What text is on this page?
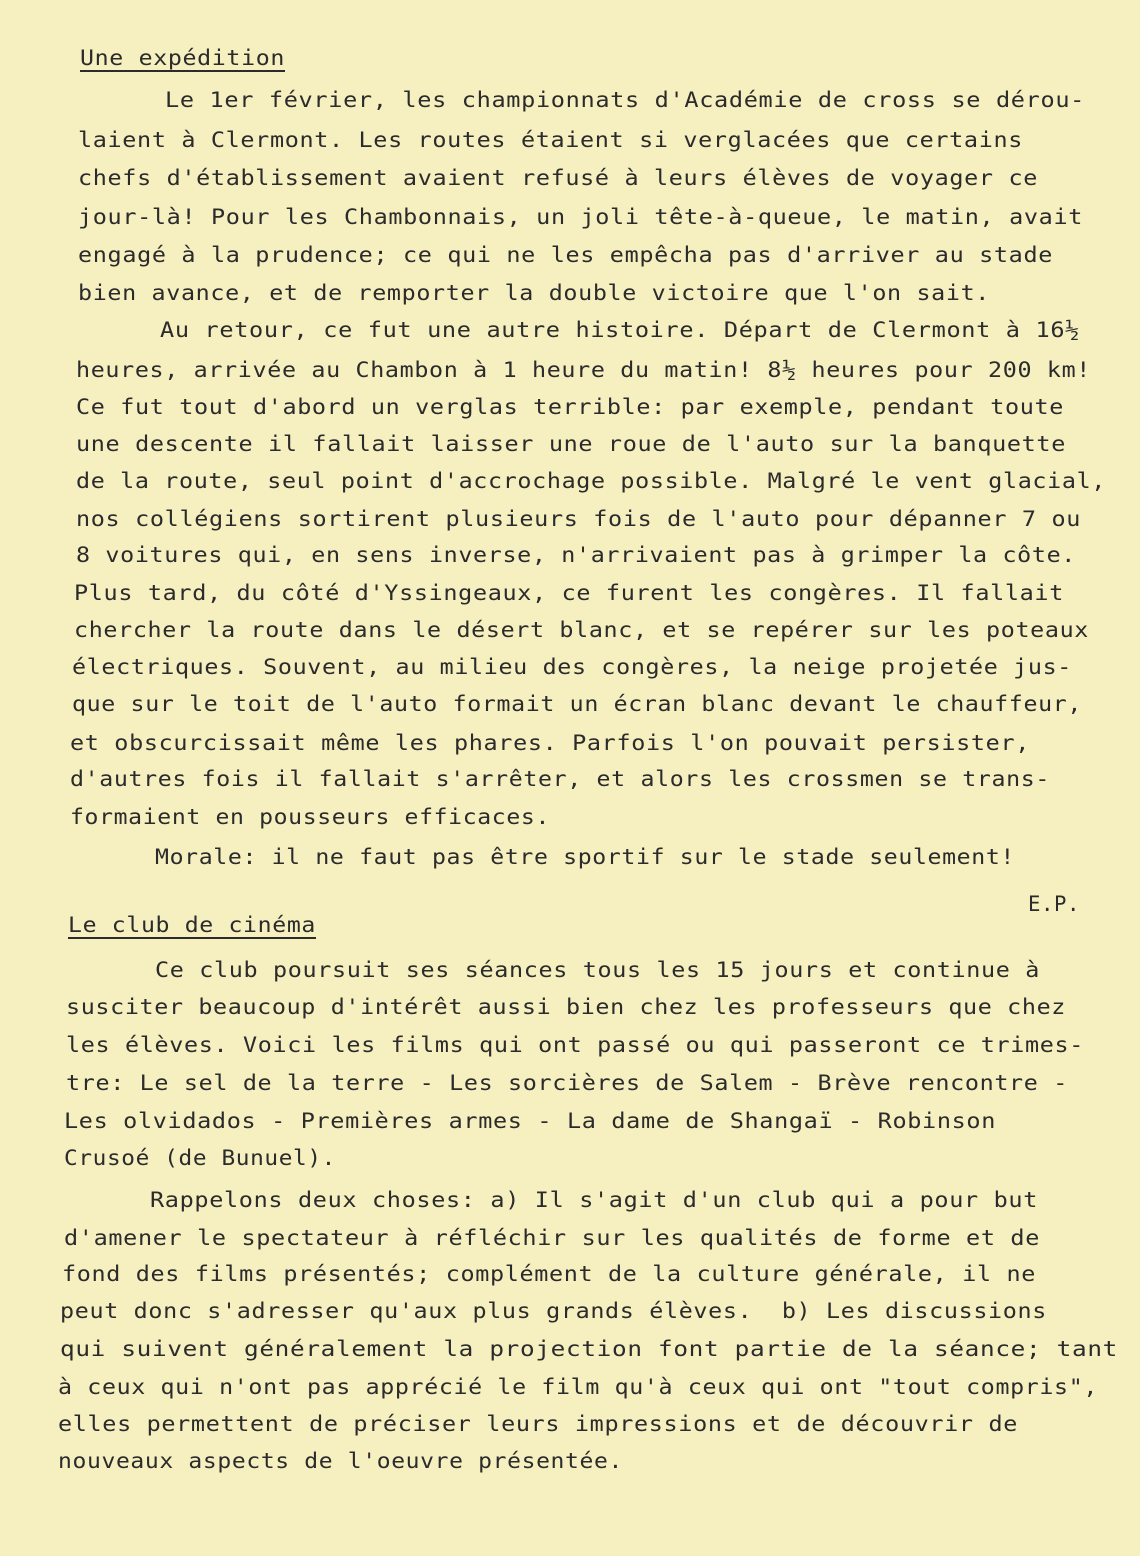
Une expédition
Le 1er février, les championnats d'Académie de cross se dérou-
laient à Clermont. Les routes étaient si verglacées que certains
chefs d'établissement avaient refusé à leurs élèves de voyager ce
jour-là! Pour les Chambonnais, un joli tête-à-queue, le matin, avait
engagé à la prudence; ce qui ne les empêcha pas d'arriver au stade
bien avance, et de remporter la double victoire que l'on sait.
Au retour, ce fut une autre histoire. Départ de Clermont à 16½
heures, arrivée au Chambon à 1 heure du matin! 8½ heures pour 200 km!
Ce fut tout d'abord un verglas terrible: par exemple, pendant toute
une descente il fallait laisser une roue de l'auto sur la banquette
de la route, seul point d'accrochage possible. Malgré le vent glacial,
nos collégiens sortirent plusieurs fois de l'auto pour dépanner 7 ou
8 voitures qui, en sens inverse, n'arrivaient pas à grimper la côte.
Plus tard, du côté d'Yssingeaux, ce furent les congères. Il fallait
chercher la route dans le désert blanc, et se repérer sur les poteaux
électriques. Souvent, au milieu des congères, la neige projetée jus-
que sur le toit de l'auto formait un écran blanc devant le chauffeur,
et obscurcissait même les phares. Parfois l'on pouvait persister,
d'autres fois il fallait s'arrêter, et alors les crossmen se trans-
formaient en pousseurs efficaces.
Morale: il ne faut pas être sportif sur le stade seulement!
E.P.
Le club de cinéma
Ce club poursuit ses séances tous les 15 jours et continue à
susciter beaucoup d'intérêt aussi bien chez les professeurs que chez
les élèves. Voici les films qui ont passé ou qui passeront ce trimes-
tre: Le sel de la terre - Les sorcières de Salem - Brève rencontre -
Les olvidados - Premières armes - La dame de Shangaï - Robinson
Crusoé (de Bunuel).
Rappelons deux choses: a) Il s'agit d'un club qui a pour but
d'amener le spectateur à réfléchir sur les qualités de forme et de
fond des films présentés; complément de la culture générale, il ne
peut donc s'adresser qu'aux plus grands élèves.  b) Les discussions
qui suivent généralement la projection font partie de la séance; tant
à ceux qui n'ont pas apprécié le film qu'à ceux qui ont "tout compris",
elles permettent de préciser leurs impressions et de découvrir de
nouveaux aspects de l'oeuvre présentée.
